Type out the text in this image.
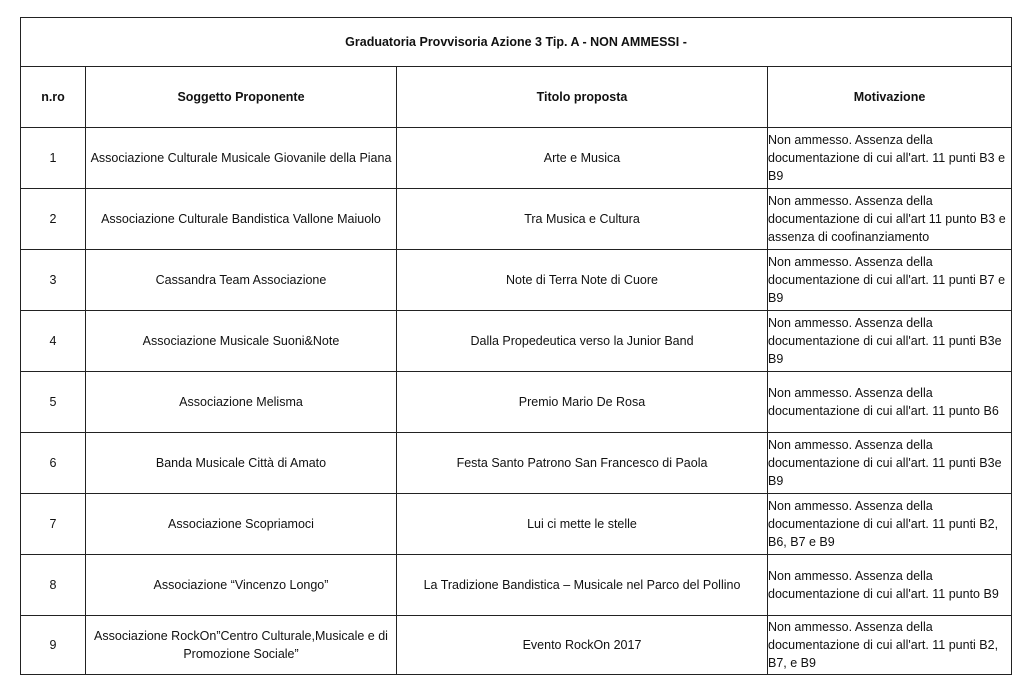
Graduatoria Provvisoria Azione 3 Tip. A - NON AMMESSI -			
n.ro	Soggetto Proponente	Titolo proposta	Motivazione
1	Associazione Culturale Musicale Giovanile della Piana	Arte e Musica	Non ammesso. Assenza della documentazione di cui all'art. 11 punti B3 e B9
2	Associazione Culturale Bandistica Vallone Maiuolo	Tra Musica e Cultura	Non ammesso. Assenza della documentazione di cui all'art 11 punto B3 e assenza di coofinanziamento
3	Cassandra Team Associazione	Note di Terra Note di Cuore	Non ammesso. Assenza della documentazione di cui all'art. 11 punti B7 e B9
4	Associazione Musicale Suoni&Note	Dalla Propedeutica verso la Junior Band	Non ammesso. Assenza della documentazione di cui all'art. 11 punti B3e B9
5	Associazione Melisma	Premio Mario De Rosa	Non ammesso. Assenza della documentazione di cui all'art. 11 punto B6
6	Banda Musicale Città di Amato	Festa Santo Patrono San Francesco di Paola	Non ammesso. Assenza della documentazione di cui all'art. 11 punti B3e B9
7	Associazione Scopriamoci	Lui ci mette le stelle	Non ammesso. Assenza della documentazione di cui all'art. 11 punti B2, B6, B7 e B9
8	Associazione “Vincenzo Longo”	La Tradizione Bandistica – Musicale nel Parco del Pollino	Non ammesso. Assenza della documentazione di cui all'art. 11 punto B9
9	Associazione RockOn”Centro Culturale,Musicale e di Promozione Sociale”	Evento RockOn 2017	Non ammesso. Assenza della documentazione di cui all'art. 11 punti B2, B7, e B9
